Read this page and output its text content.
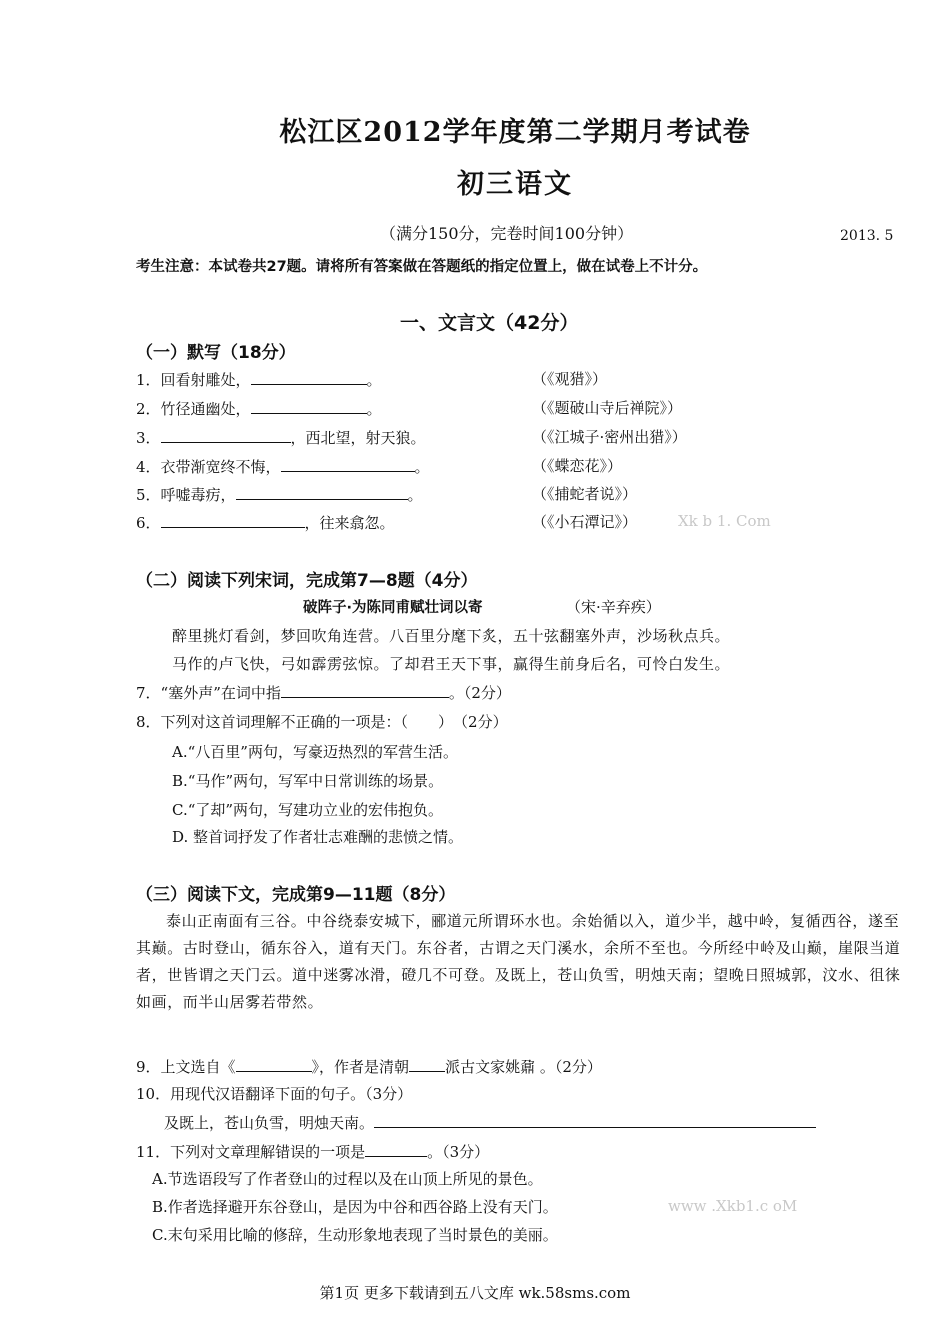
松江区2012学年度第二学期月考试卷
初三语文
（满分150分，完卷时间100分钟）	2013. 5
考生注意：本试卷共27题。请将所有答案做在答题纸的指定位置上，做在试卷上不计分。
一、文言文（42分）
（一）默写（18分）
1．回看射雕处，	。	（《观猎》）
2．竹径通幽处，	。	（《题破山寺后禅院》）
3．	，西北望，射天狼。	（《江城子·密州出猎》）
4．衣带渐宽终不悔，	。	（《蝶恋花》）
5．呼嘘毒疠，	。	（《捕蛇者说》）
6．	，往来翕忽。	（《小石潭记》）	Xk b 1. Com
（二）阅读下列宋词，完成第7—8题（4分）
破阵子·为陈同甫赋壮词以寄	（宋·辛弃疾）
醉里挑灯看剑，梦回吹角连营。八百里分麾下炙，五十弦翻塞外声，沙场秋点兵。
马作的卢飞快，弓如霹雳弦惊。了却君王天下事，赢得生前身后名，可怜白发生。
7．“塞外声”在词中指	。（2分）
8．下列对这首词理解不正确的一项是：（　　）　（2分）
A.“八百里”两句，写豪迈热烈的军营生活。
B.“马作”两句，写军中日常训练的场景。
C.“了却”两句，写建功立业的宏伟抱负。
D. 整首词抒发了作者壮志难酬的悲愤之情。
（三）阅读下文，完成第9—11题（8分）
泰山正南面有三谷。中谷绕泰安城下，郦道元所谓环水也。余始循以入，道少半，越中岭，复循西谷，遂至其巅。古时登山，循东谷入，道有天门。东谷者，古谓之天门溪水，余所不至也。今所经中岭及山巅，崖限当道者，世皆谓之天门云。道中迷雾冰滑，磴几不可登。及既上，苍山负雪，明烛天南；望晚日照城郭，汶水、徂徕如画，而半山居雾若带然。
9．上文选自《	》，作者是清朝 派古文家姚鼐 。（2分）
10．用现代汉语翻译下面的句子。（3分）
及既上，苍山负雪，明烛天南。
11．下列对文章理解错误的一项是	。（3分）
A.节选语段写了作者登山的过程以及在山顶上所见的景色。
B.作者选择避开东谷登山，是因为中谷和西谷路上没有天门。	www .Xkb1.c oM
C.末句采用比喻的修辞，生动形象地表现了当时景色的美丽。
第1页 更多下载请到五八文库 wk.58sms.com
